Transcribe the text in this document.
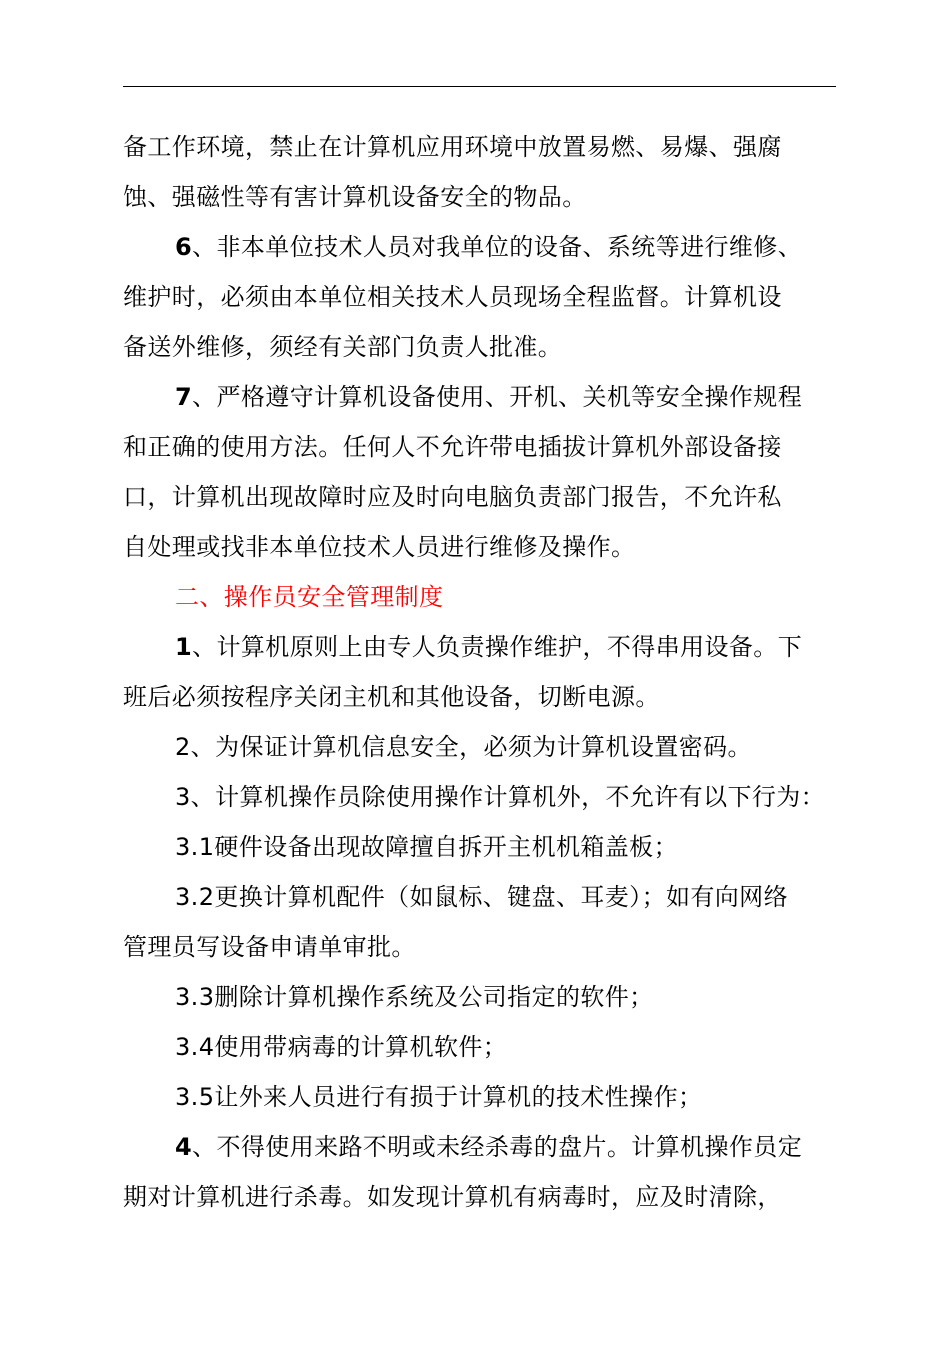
备工作环境，禁止在计算机应用环境中放置易燃、易爆、强腐
蚀、强磁性等有害计算机设备安全的物品。
6、非本单位技术人员对我单位的设备、系统等进行维修、
维护时，必须由本单位相关技术人员现场全程监督。计算机设
备送外维修，须经有关部门负责人批准。
7、严格遵守计算机设备使用、开机、关机等安全操作规程
和正确的使用方法。任何人不允许带电插拔计算机外部设备接
口，计算机出现故障时应及时向电脑负责部门报告，不允许私
自处理或找非本单位技术人员进行维修及操作。
二、操作员安全管理制度
1、计算机原则上由专人负责操作维护，不得串用设备。下
班后必须按程序关闭主机和其他设备，切断电源。
2、为保证计算机信息安全，必须为计算机设置密码。
3、计算机操作员除使用操作计算机外，不允许有以下行为：
3.1硬件设备出现故障擅自拆开主机机箱盖板；
3.2更换计算机配件（如鼠标、键盘、耳麦）；如有向网络
管理员写设备申请单审批。
3.3删除计算机操作系统及公司指定的软件；
3.4使用带病毒的计算机软件；
3.5让外来人员进行有损于计算机的技术性操作；
4、不得使用来路不明或未经杀毒的盘片。计算机操作员定
期对计算机进行杀毒。如发现计算机有病毒时，应及时清除，
